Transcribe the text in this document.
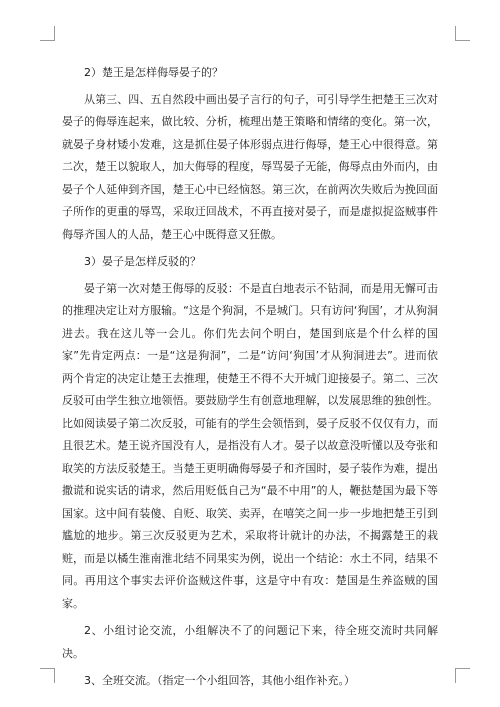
2）楚王是怎样侮辱晏子的？

从第三、四、五自然段中画出晏子言行的句子，可引导学生把楚王三次对晏子的侮辱连起来，做比较、分析，梳理出楚王策略和情绪的变化。第一次，就晏子身材矮小发难，这是抓住晏子体形弱点进行侮辱，楚王心中很得意。第二次，楚王以貌取人，加大侮辱的程度，辱骂晏子无能，侮辱点由外而内，由晏子个人延伸到齐国，楚王心中已经恼怒。第三次，在前两次失败后为挽回面子所作的更重的辱骂，采取迂回战术，不再直接对晏子，而是虚拟捉盗贼事件侮辱齐国人的人品，楚王心中既得意又狂傲。

3）晏子是怎样反驳的？

晏子第一次对楚王侮辱的反驳：不是直白地表示不钻洞，而是用无懈可击的推理决定让对方服输。“这是个狗洞，不是城门。只有访问‘狗国’，才从狗洞进去。我在这儿等一会儿。你们先去问个明白，楚国到底是个什么样的国家”先肯定两点：一是“这是狗洞”，二是“访问‘狗国’才从狗洞进去”。进而依两个肯定的决定让楚王去推理，使楚王不得不大开城门迎接晏子。第二、三次反驳可由学生独立地领悟。要鼓励学生有创意地理解，以发展思维的独创性。比如阅读晏子第二次反驳，可能有的学生会领悟到，晏子反驳不仅仅有力，而且很艺术。楚王说齐国没有人，是指没有人才。晏子以故意没听懂以及夸张和取笑的方法反驳楚王。当楚王更明确侮辱晏子和齐国时，晏子装作为难，提出撒谎和说实话的请求，然后用贬低自己为“最不中用”的人，鞭挞楚国为最下等国家。这中间有装傻、自贬、取笑、卖弄，在嘻笑之间一步一步地把楚王引到尴尬的地步。第三次反驳更为艺术，采取将计就计的办法，不揭露楚王的栽赃，而是以橘生淮南淮北结不同果实为例，说出一个结论：水土不同，结果不同。再用这个事实去评价盗贼这件事，这是守中有攻：楚国是生养盗贼的国家。

2、小组讨论交流，小组解决不了的问题记下来，待全班交流时共同解决。

3、全班交流。（指定一个小组回答，其他小组作补充。）
